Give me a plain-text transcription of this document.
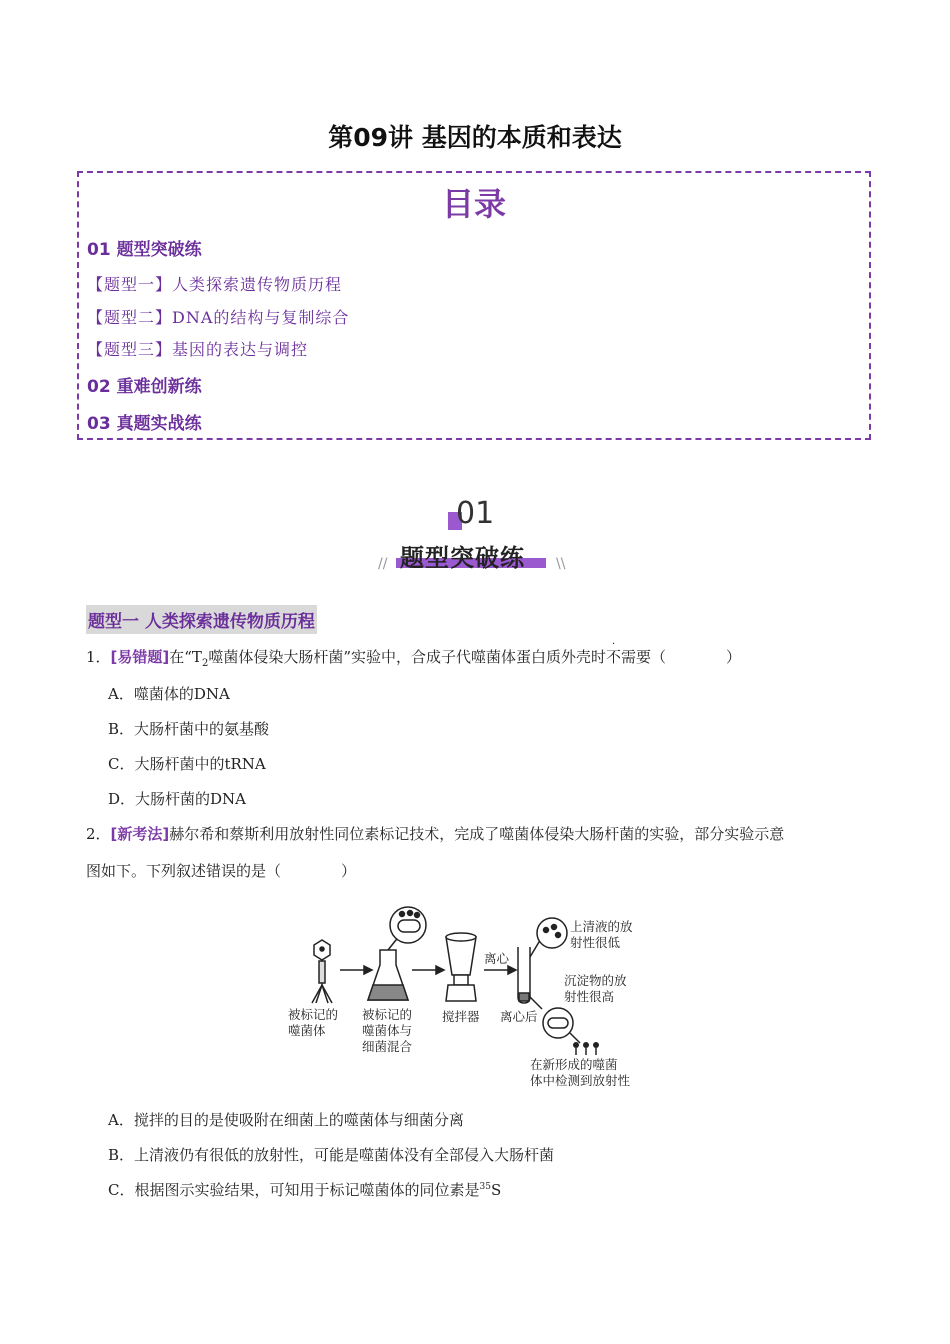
第09讲 基因的本质和表达
目录
01 题型突破练
【题型一】人类探索遗传物质历程
【题型二】DNA的结构与复制综合
【题型三】基因的表达与调控
02 重难创新练
03 真题实战练
01
题型突破练
//	\\
题型一 人类探索遗传物质历程
1．[易错题]在“$T_2$噬菌体侵染大肠杆菌”实验中，合成子代噬菌体蛋白质外壳时不
·
需要（　　　　）
A．噬菌体的DNA
B．大肠杆菌中的氨基酸
C．大肠杆菌中的tRNA
D．大肠杆菌的DNA
2．[新考法]赫尔希和蔡斯利用放射性同位素标记技术，完成了噬菌体侵染大肠杆菌的实验，部分实验示意
图如下。下列叙述错误的是（　　　　）
被标记的
噬菌体
被标记的
噬菌体与
细菌混合
搅拌器
离心
离心后
上清液的放
射性很低
沉淀物的放
射性很高
在新形成的噬菌
体中检测到放射性
A．搅拌的目的是使吸附在细菌上的噬菌体与细菌分离
B．上清液仍有很低的放射性，可能是噬菌体没有全部侵入大肠杆菌
C．根据图示实验结果，可知用于标记噬菌体的同位素是$^{35}$S
